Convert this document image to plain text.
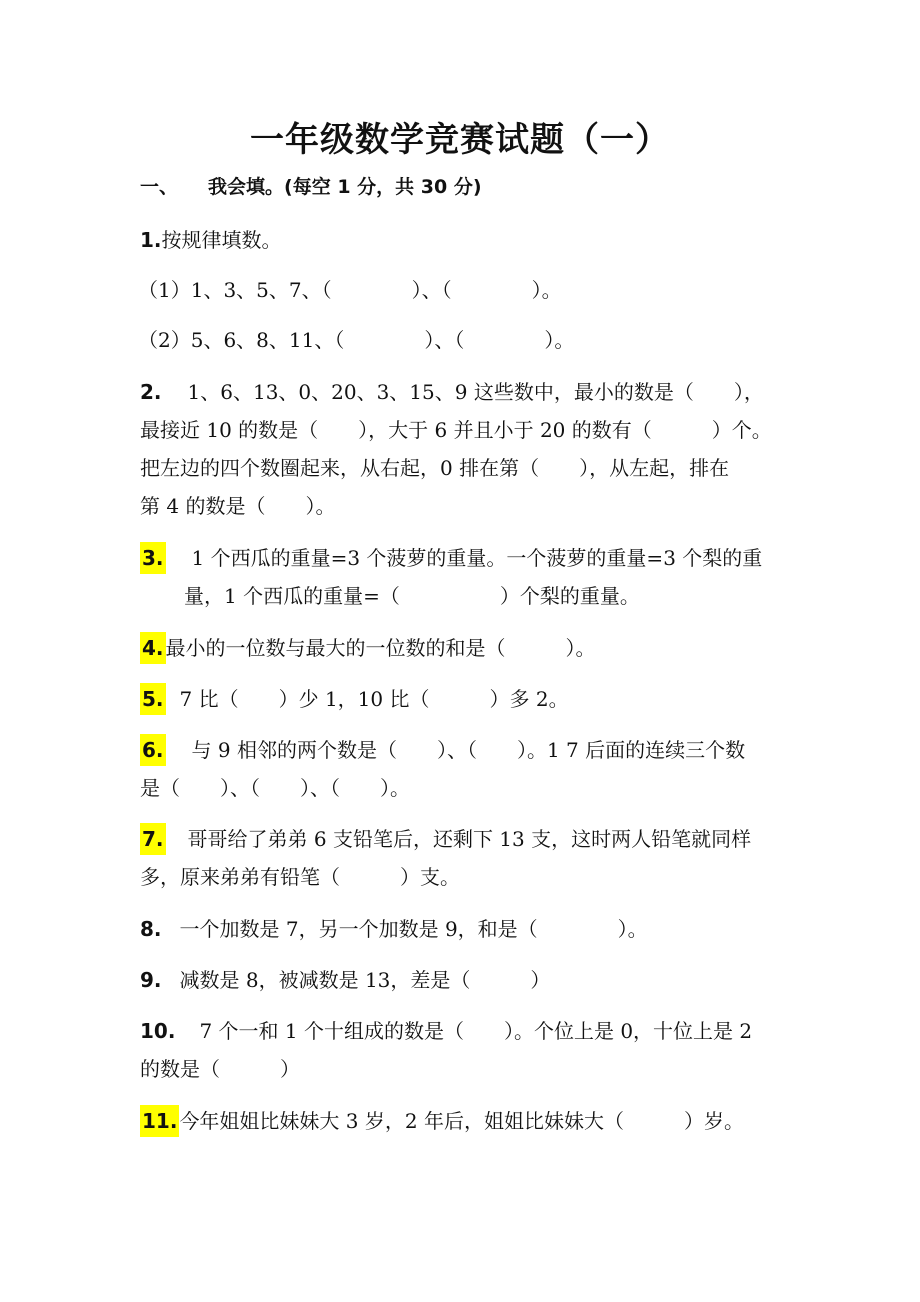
一年级数学竞赛试题（一）
一、 我会填。(每空 1 分，共 30 分)
1.按规律填数。
（1）1、3、5、7、（　　　　）、（　　　　）。
（2）5、6、8、11、（　　　　）、（　　　　）。
2. 1、6、13、0、20、3、15、9 这些数中，最小的数是（　　），
最接近 10 的数是（　　），大于 6 并且小于 20 的数有（　　　）个。
把左边的四个数圈起来，从右起，0 排在第（　　），从左起，排在
第 4 的数是（　　）。
3. 1 个西瓜的重量=3 个菠萝的重量。一个菠萝的重量=3 个梨的重
量，1 个西瓜的重量=（　　　　　）个梨的重量。
4. 最小的一位数与最大的一位数的和是（　　　）。
5. 7 比（　　）少 1，10 比（　　　）多 2。
6. 与 9 相邻的两个数是（　　）、（　　）。1 7 后面的连续三个数
是（　　）、（　　）、（　　）。
7. 哥哥给了弟弟 6 支铅笔后，还剩下 13 支，这时两人铅笔就同样
多，原来弟弟有铅笔（　　　）支。
8. 一个加数是 7，另一个加数是 9，和是（　　　　）。
9. 减数是 8，被减数是 13，差是（　　　）
10. 7 个一和 1 个十组成的数是（　　）。个位上是 0，十位上是 2
的数是（　　　）
11. 今年姐姐比妹妹大 3 岁，2 年后，姐姐比妹妹大（　　　）岁。
